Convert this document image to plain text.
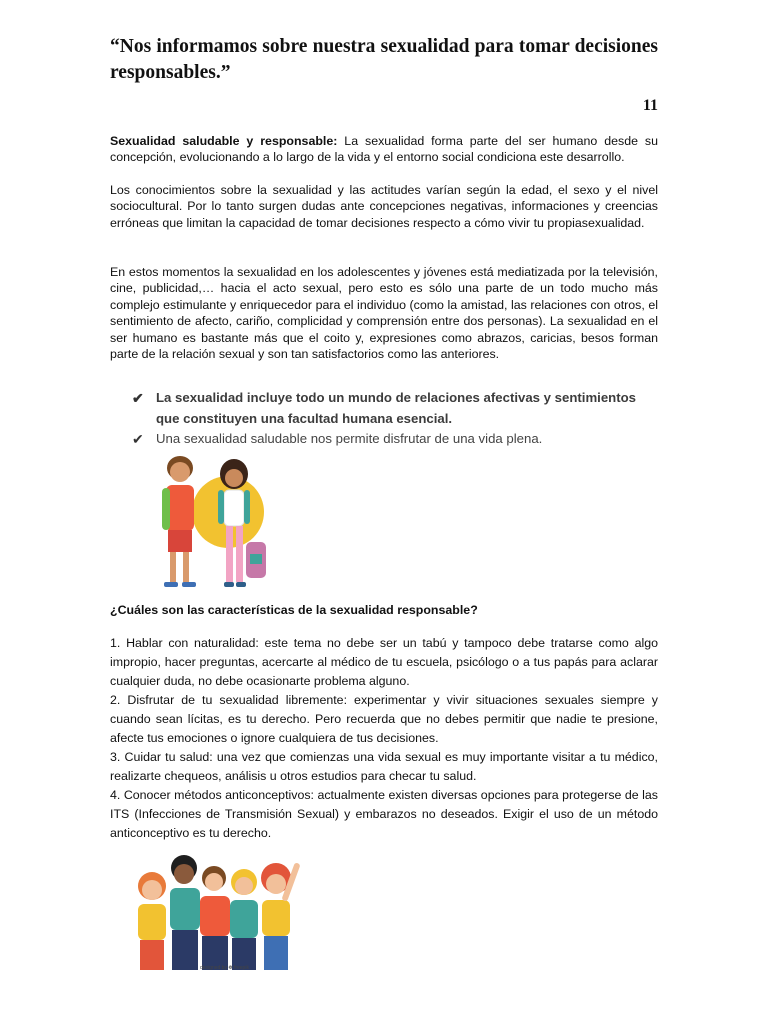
“Nos informamos sobre nuestra sexualidad para tomar decisiones responsables.”
11

Sexualidad saludable y responsable: La sexualidad forma parte del ser humano desde su concepción, evolucionando a lo largo de la vida y el entorno social condiciona este desarrollo.

Los conocimientos sobre la sexualidad y las actitudes varían según la edad, el sexo y el nivel sociocultural. Por lo tanto surgen dudas ante concepciones negativas, informaciones y creencias erróneas que limitan la capacidad de tomar decisiones respecto a cómo vivir tu propiasexualidad.

En estos momentos la sexualidad en los adolescentes y jóvenes está mediatizada por la televisión, cine, publicidad,… hacia el acto sexual, pero esto es sólo una parte de un todo mucho más complejo estimulante y enriquecedor para el individuo (como la amistad, las relaciones con otros, el sentimiento de afecto, cariño, complicidad y comprensión entre dos personas). La sexualidad en el ser humano es bastante más que el coito y, expresiones como abrazos, caricias, besos forman parte de la relación sexual y son tan satisfactorios como las anteriores.

✔ La sexualidad incluye todo un mundo de relaciones afectivas y sentimientos que constituyen una facultad humana esencial.
✔ Una sexualidad saludable nos permite disfrutar de una vida plena.
¿Cuáles son las características de la sexualidad responsable?
1. Hablar con naturalidad: este tema no debe ser un tabú y tampoco debe tratarse como algo impropio, hacer preguntas, acercarte al médico de tu escuela, psicólogo o a tus papás para aclarar cualquier duda, no debe ocasionarte problema alguno.
2. Disfrutar de tu sexualidad libremente: experimentar y vivir situaciones sexuales siempre y cuando sean lícitas, es tu derecho. Pero recuerda que no debes permitir que nadie te presione, afecte tus emociones o ignore cualquiera de tus decisiones.
3. Cuidar tu salud: una vez que comienzas una vida sexual es muy importante visitar a tu médico, realizarte chequeos, análisis u otros estudios para checar tu salud.
4. Conocer métodos anticonceptivos: actualmente existen diversas opciones para protegerse de las ITS (Infecciones de Transmisión Sexual) y embarazos no deseados. Exigir el uso de un método anticonceptivo es tu derecho.
designed by ❁ freepik
